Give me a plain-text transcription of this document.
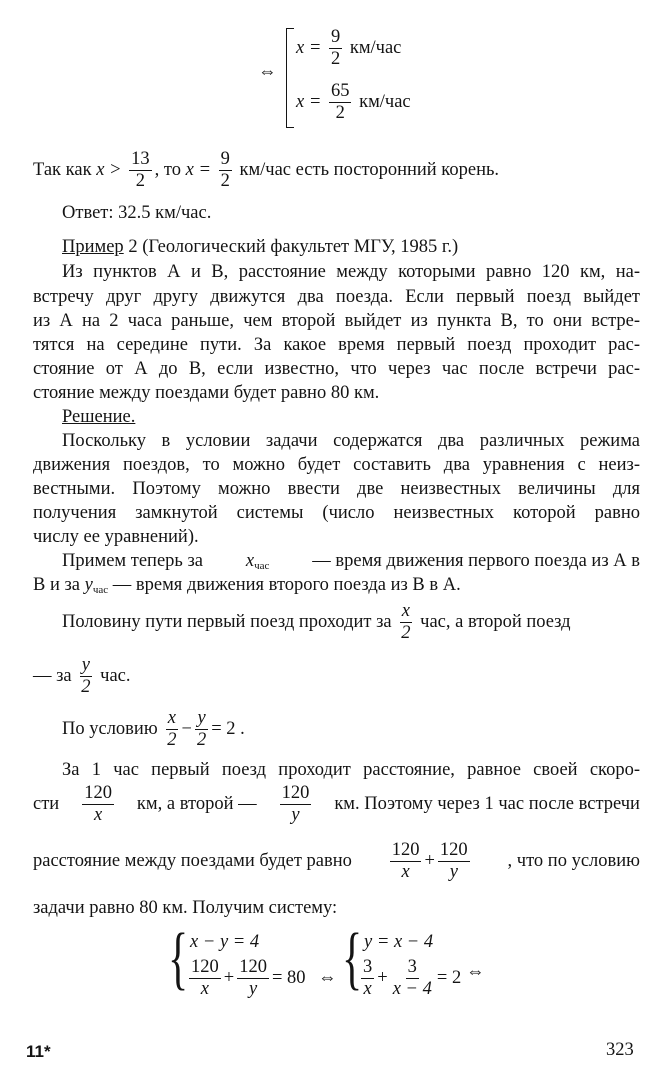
⇔
$x = \frac{9}{2} км/час$
$x = \frac{65}{2} км/час$
Так как $x > \frac{13}{2}$ , то $x = \frac{9}{2} км/час$ есть посторонний корень.
Ответ: 32.5 км/час.
Пример 2 (Геологический факультет МГУ, 1985 г.)
Из пунктов А и В, расстояние между которыми равно 120 км, на-
встречу друг другу движутся два поезда. Если первый поезд выйдет
из А на 2 часа раньше, чем второй выйдет из пункта В, то они встре-
тятся на середине пути. За какое время первый поезд проходит рас-
стояние от А до В, если известно, что через час после встречи рас-
стояние между поездами будет равно 80 км.
Решение.
Поскольку в условии задачи содержатся два различных режима
движения поездов, то можно будет составить два уравнения с неиз-
вестными. Поэтому можно ввести две неизвестных величины для
получения замкнутой системы (число неизвестных которой равно
числу ее уравнений).
Примем теперь за $x_{час}$ — время движения первого поезда из А в
В и за $y_{час}$ — время движения второго поезда из В в А.
Половину пути первый поезд проходит за $\frac{x}{2}$ час, а второй поезд
— за $\frac{y}{2}$ час.
По условию $\frac{x}{2} - \frac{y}{2} = 2$ .
За 1 час первый поезд проходит расстояние, равное своей скоро-
сти $\frac{120}{x}$ км, а второй — $\frac{120}{y}$ км. Поэтому через 1 час после встречи
расстояние между поездами будет равно $\frac{120}{x} + \frac{120}{y}$ , что по условию
задачи равно 80 км. Получим систему:
{ x − y = 4
$\frac{120}{x} + \frac{120}{y} = 80$ ⇔ { y = x − 4
$\frac{3}{x} + \frac{3}{x - 4} = 2$ ⇔
11*	323
